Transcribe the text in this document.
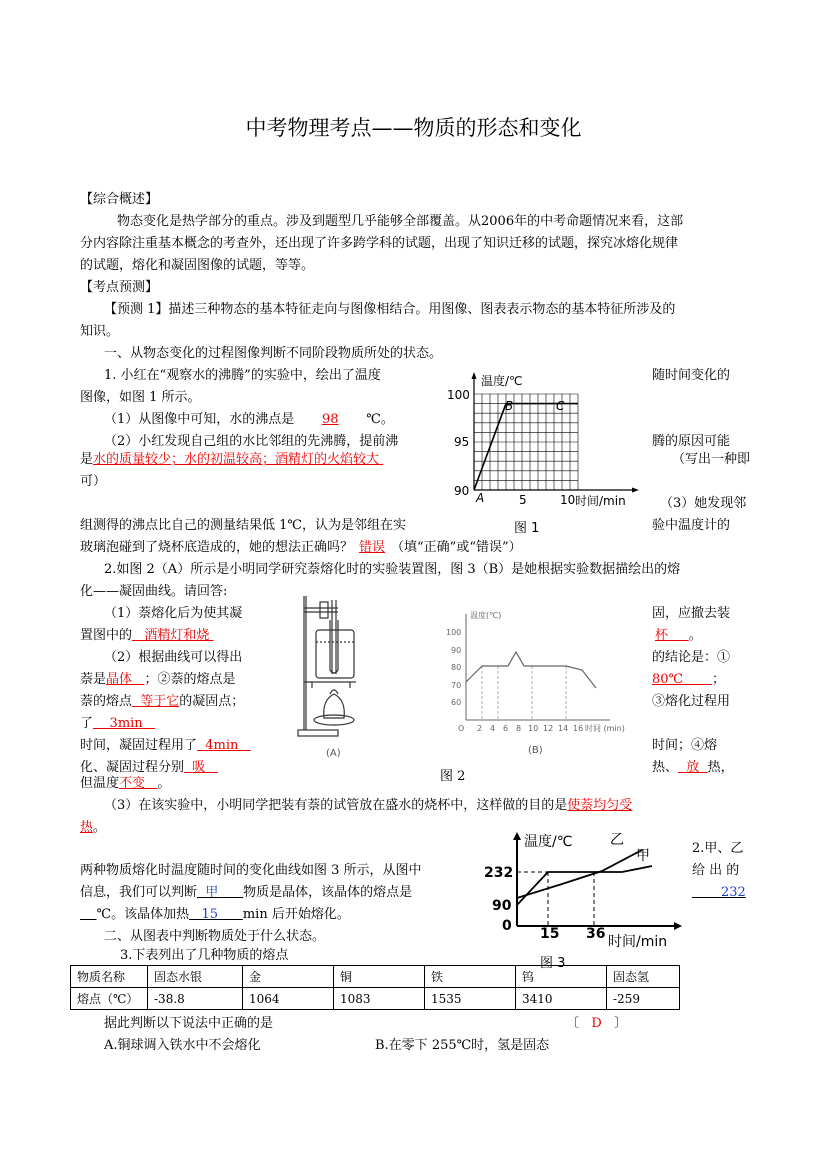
中考物理考点——物质的形态和变化
【综合概述】
物态变化是热学部分的重点。涉及到题型几乎能够全部覆盖。从2006年的中考命题情况来看，这部
分内容除注重基本概念的考查外，还出现了许多跨学科的试题，出现了知识迁移的试题，探究冰熔化规律
的试题，熔化和凝固图像的试题，等等。
【考点预测】
【预测 1】描述三种物态的基本特征走向与图像相结合。用图像、图表表示物态的基本特征所涉及的
知识。
一、从物态变化的过程图像判断不同阶段物质所处的状态。
1. 小红在“观察水的沸腾”的实验中，绘出了温度	随时间变化的
图像，如图 1 所示。
（1）从图像中可知，水的沸点是 98 ℃。
（2）小红发现自己组的水比邻组的先沸腾，提前沸	腾的原因可能
是水的质量较少；水的初温较高；酒精灯的火焰较大	（写出一种即
可）
（3）她发现邻
组测得的沸点比自己的测量结果低 1℃，认为是邻组在实	验中温度计的
玻璃泡碰到了烧杯底造成的，她的想法正确吗？ 错误 （填“正确”或“错误”）
温度/℃
100
95
90
5	10 时间/min
A
B	C
图 1
2.如图 2（A）所示是小明同学研究萘熔化时的实验装置图，图 3（B）是她根据实验数据描绘出的熔
化——凝固曲线。请回答:
（1）萘熔化后为使其凝	固，应撤去装
置图中的 酒精灯和烧	杯 。
（2）根据曲线可以得出	的结论是：①
萘是晶体 ；②萘的熔点是	80℃ ；
萘的熔点 等于它的凝固点；	③熔化过程用
了 3min
时间，凝固过程用了 4min	时间；④熔
化、凝固过程分别 吸	热、 放 热，
但温度不变 。	图 2
(A)
温度(℃)
100
90
80
70
60
O 2 4 6 8 10 12 14 16 时间 (min)
(B)
（3）在该实验中，小明同学把装有萘的试管放在盛水的烧杯中，这样做的目的是使萘均匀受
热。
2.甲、乙
两种物质熔化时温度随时间的变化曲线如图 3 所示，从图中	给 出 的
信息，我们可以判断 甲 物质是晶体，该晶体的熔点是	232
℃。该晶体加热 15 min 后开始熔化。
温度/℃
232
90
0 15 36 时间/min
乙
甲
图 3
二、从图表中判断物质处于什么状态。
3.下表列出了几种物质的熔点
物质名称	固态水银	金	铜	铁	钨	固态氢
熔点（℃）	-38.8	1064	1083	1535	3410	-259
据此判断以下说法中正确的是	〔 D 〕
A.铜球调入铁水中不会熔化	B.在零下 255℃时，氢是固态
